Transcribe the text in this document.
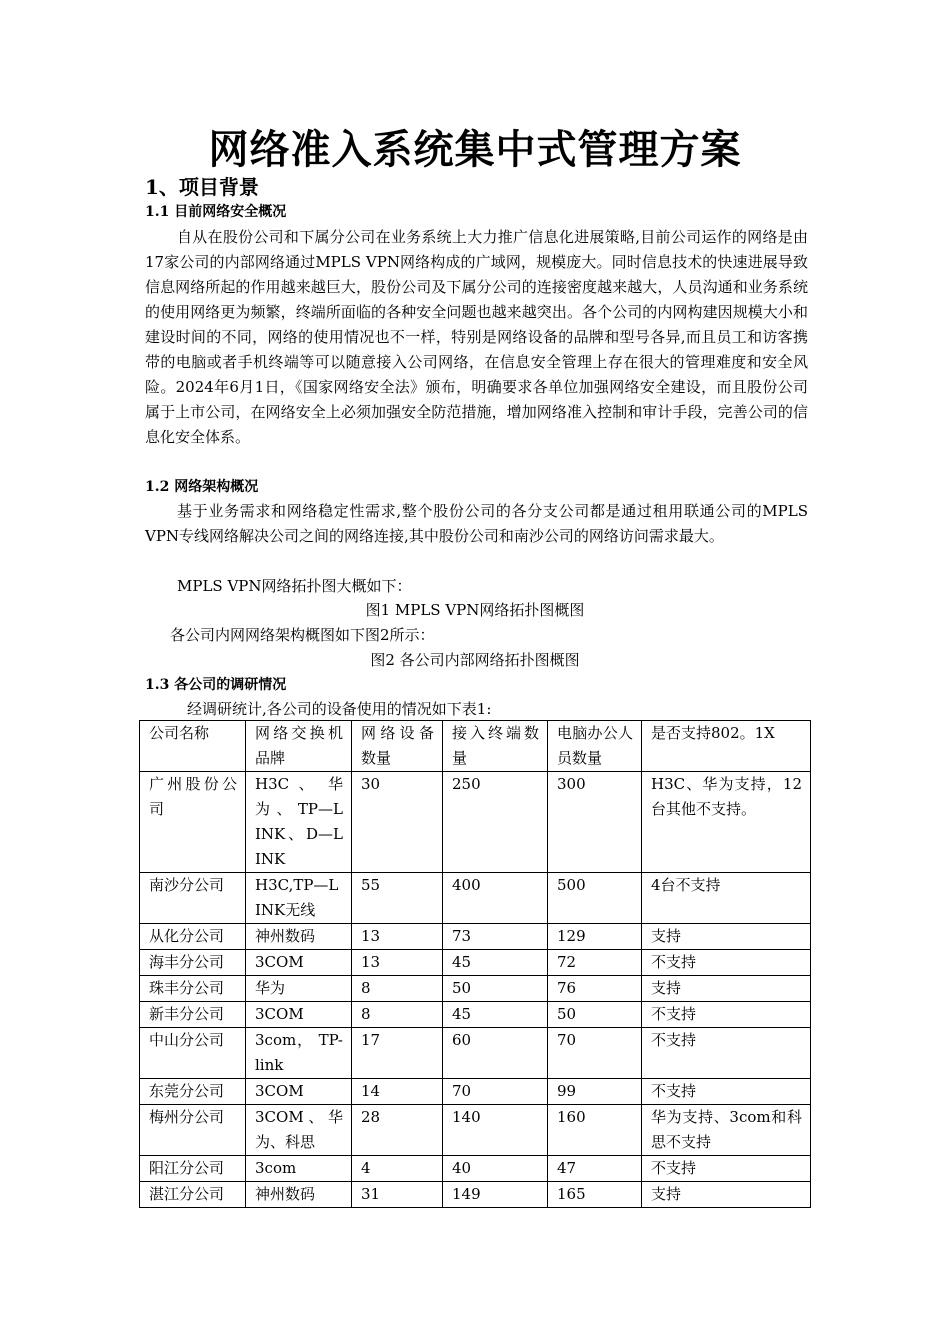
网络准入系统集中式管理方案
1、项目背景
1.1 目前网络安全概况

自从在股份公司和下属分公司在业务系统上大力推广信息化进展策略,目前公司运作的网络是由17家公司的内部网络通过MPLS VPN网络构成的广域网，规模庞大。同时信息技术的快速进展导致信息网络所起的作用越来越巨大，股份公司及下属分公司的连接密度越来越大，人员沟通和业务系统的使用网络更为频繁，终端所面临的各种安全问题也越来越突出。各个公司的内网构建因规模大小和建设时间的不同，网络的使用情况也不一样，特别是网络设备的品牌和型号各异,而且员工和访客携带的电脑或者手机终端等可以随意接入公司网络，在信息安全管理上存在很大的管理难度和安全风险。2024年6月1日，《国家网络安全法》颁布，明确要求各单位加强网络安全建设，而且股份公司属于上市公司，在网络安全上必须加强安全防范措施，增加网络准入控制和审计手段，完善公司的信息化安全体系。

1.2 网络架构概况

基于业务需求和网络稳定性需求,整个股份公司的各分支公司都是通过租用联通公司的MPLS VPN专线网络解决公司之间的网络连接,其中股份公司和南沙公司的网络访问需求最大。

MPLS VPN网络拓扑图大概如下：
图1 MPLS VPN网络拓扑图概图
各公司内网网络架构概图如下图2所示：
图2 各公司内部网络拓扑图概图
1.3 各公司的调研情况
经调研统计,各公司的设备使用的情况如下表1:
公司名称	网络交换机品牌	网络设备数量	接入终端数量	电脑办公人员数量	是否支持802。1X
广州股份公司	H3C 、 华为 、 TP—LINK、D—LINK	30	250	300	H3C、华为支持，12台其他不支持。
南沙分公司	H3C,TP—LINK无线	55	400	500	4台不支持
从化分公司	神州数码	13	73	129	支持
海丰分公司	3COM	13	45	72	不支持
珠丰分公司	华为	8	50	76	支持
新丰分公司	3COM	8	45	50	不支持
中山分公司	3com， TP-link	17	60	70	不支持
东莞分公司	3COM	14	70	99	不支持
梅州分公司	3COM、华为、科思	28	140	160	华为支持、3com和科思不支持
阳江分公司	3com	4	40	47	不支持
湛江分公司	神州数码	31	149	165	支持
